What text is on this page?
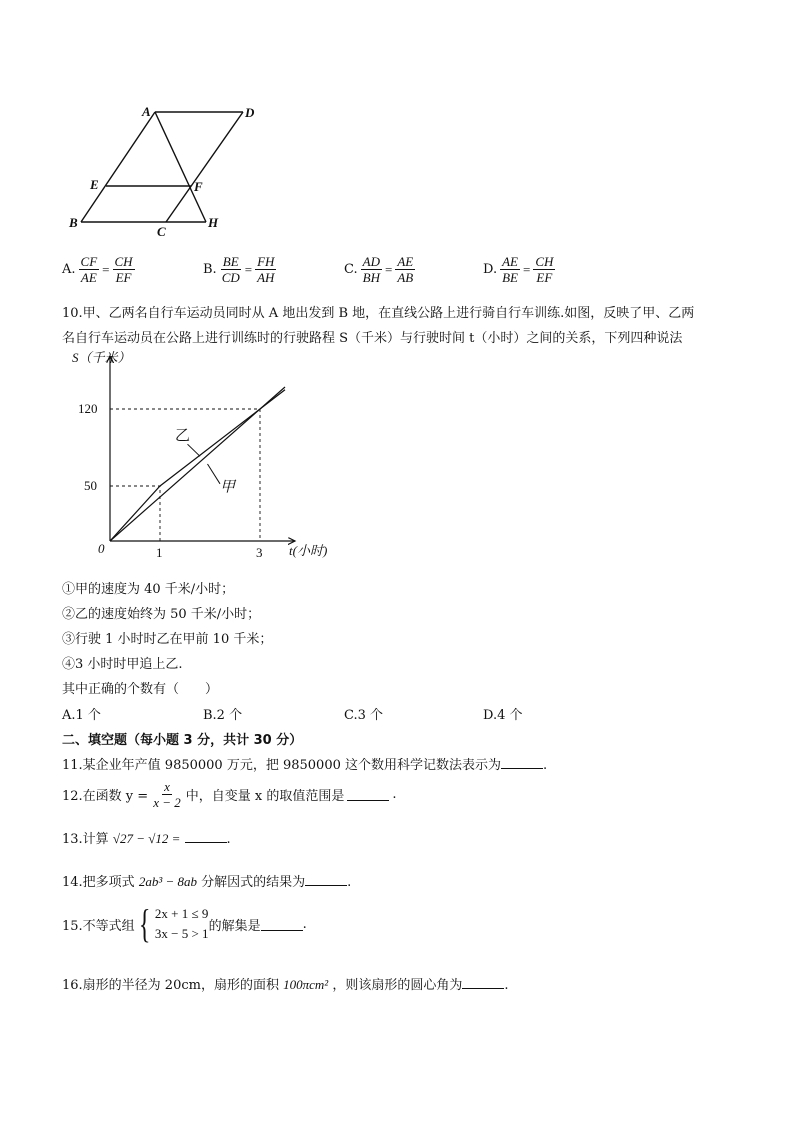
A	D
E	F
B
C
H
A. $\frac{CF}{AE} = \frac{CH}{EF}$	B. $\frac{BE}{CD} = \frac{FH}{AH}$	C. $\frac{AD}{BH} = \frac{AE}{AB}$	D. $\frac{AE}{BE} = \frac{CH}{EF}$
10.甲、乙两名自行车运动员同时从 A 地出发到 B 地，在直线公路上进行骑自行车训练.如图，反映了甲、乙两
名自行车运动员在公路上进行训练时的行驶路程 S（千米）与行驶时间 t（小时）之间的关系，下列四种说法
S（千米）
t(小时)
0	1	3
120
50
乙
甲
①甲的速度为 40 千米/小时；
②乙的速度始终为 50 千米/小时；
③行驶 1 小时时乙在甲前 10 千米；
④3 小时时甲追上乙.
其中正确的个数有（　　）
A.1 个	B.2 个	C.3 个	D.4 个
二、填空题（每小题 3 分，共计 30 分）
11.某企业年产值 9850000 万元，把 9850000 这个数用科学记数法表示为	.
12.在函数 $y = \frac{x}{x - 2}$ 中，自变量 x 的取值范围是	.
13.计算 √27 − √12 =	.
14.把多项式 2ab³ − 8ab 分解因式的结果为	.
15.不等式组 { 2x + 1 ≤ 9
3x − 5 > 1 的解集是	.
16.扇形的半径为 20cm，扇形的面积 100πcm² ，则该扇形的圆心角为	.
